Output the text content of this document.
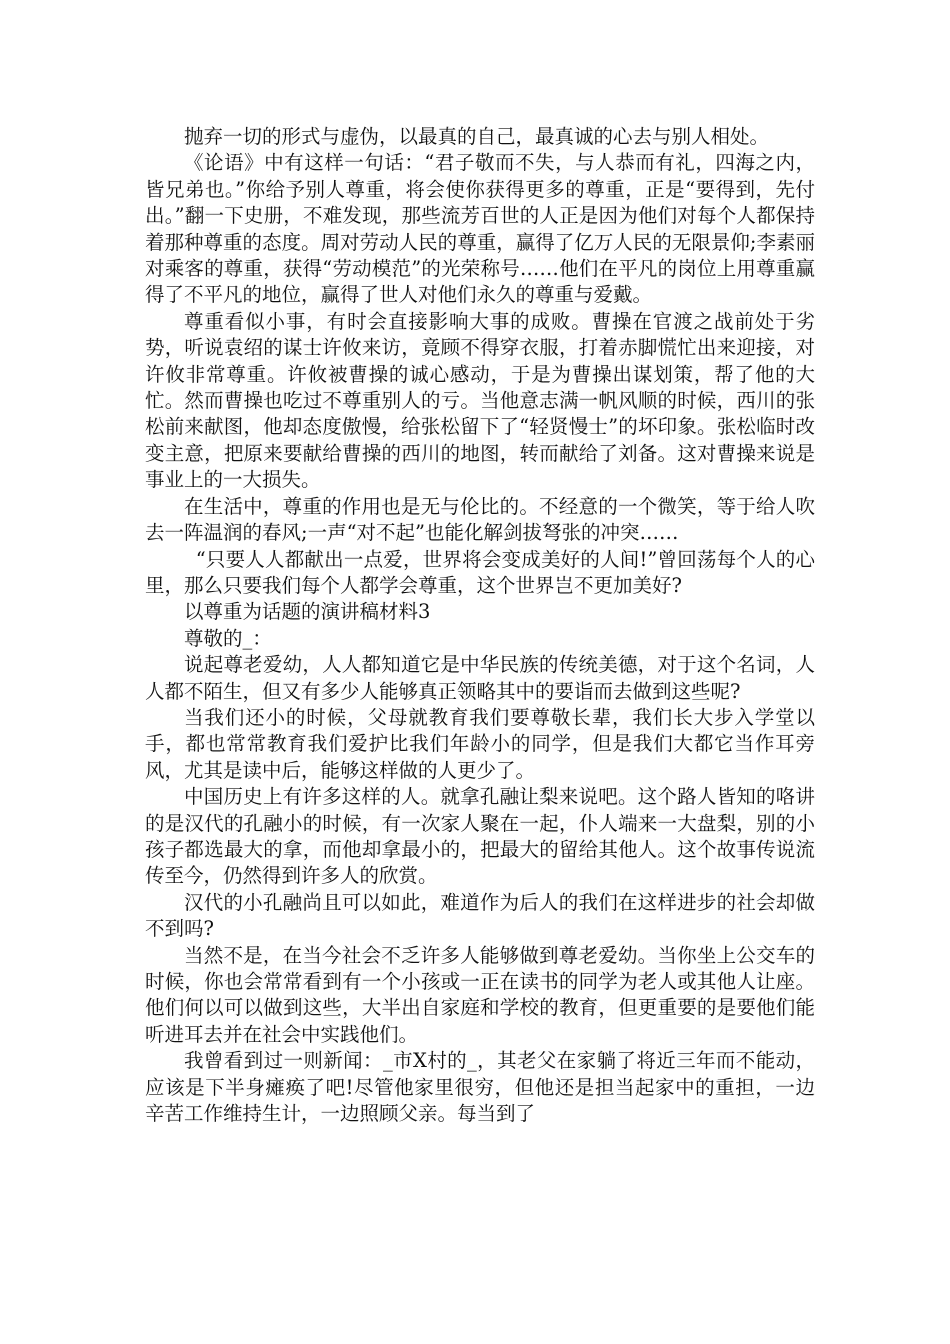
抛弃一切的形式与虚伪，以最真的自己，最真诚的心去与别人相处。

《论语》中有这样一句话：“君子敬而不失，与人恭而有礼，四海之内，皆兄弟也。”你给予别人尊重，将会使你获得更多的尊重，正是“要得到，先付出。”翻一下史册，不难发现，那些流芳百世的人正是因为他们对每个人都保持着那种尊重的态度。周对劳动人民的尊重，赢得了亿万人民的无限景仰;李素丽对乘客的尊重，获得“劳动模范”的光荣称号……他们在平凡的岗位上用尊重赢得了不平凡的地位，赢得了世人对他们永久的尊重与爱戴。

尊重看似小事，有时会直接影响大事的成败。曹操在官渡之战前处于劣势，听说袁绍的谋士许攸来访，竟顾不得穿衣服，打着赤脚慌忙出来迎接，对许攸非常尊重。许攸被曹操的诚心感动，于是为曹操出谋划策，帮了他的大忙。然而曹操也吃过不尊重别人的亏。当他意志满一帆风顺的时候，西川的张松前来献图，他却态度傲慢，给张松留下了“轻贤慢士”的坏印象。张松临时改变主意，把原来要献给曹操的西川的地图，转而献给了刘备。这对曹操来说是事业上的一大损失。

在生活中，尊重的作用也是无与伦比的。不经意的一个微笑，等于给人吹去一阵温润的春风;一声“对不起”也能化解剑拔弩张的冲突……

“只要人人都献出一点爱，世界将会变成美好的人间!”曾回荡每个人的心里，那么只要我们每个人都学会尊重，这个世界岂不更加美好?

以尊重为话题的演讲稿材料3

尊敬的_：

说起尊老爱幼，人人都知道它是中华民族的传统美德，对于这个名词，人人都不陌生，但又有多少人能够真正领略其中的要诣而去做到这些呢?

当我们还小的时候，父母就教育我们要尊敬长辈，我们长大步入学堂以手，都也常常教育我们爱护比我们年龄小的同学，但是我们大都它当作耳旁风，尤其是读中后，能够这样做的人更少了。

中国历史上有许多这样的人。就拿孔融让梨来说吧。这个路人皆知的咯讲的是汉代的孔融小的时候，有一次家人聚在一起，仆人端来一大盘梨，别的小孩子都选最大的拿，而他却拿最小的，把最大的留给其他人。这个故事传说流传至今，仍然得到许多人的欣赏。

汉代的小孔融尚且可以如此，难道作为后人的我们在这样进步的社会却做不到吗?

当然不是，在当今社会不乏许多人能够做到尊老爱幼。当你坐上公交车的时候，你也会常常看到有一个小孩或一正在读书的同学为老人或其他人让座。他们何以可以做到这些，大半出自家庭和学校的教育，但更重要的是要他们能听进耳去并在社会中实践他们。

我曾看到过一则新闻：_市X村的_，其老父在家躺了将近三年而不能动，应该是下半身瘫痪了吧!尽管他家里很穷，但他还是担当起家中的重担，一边辛苦工作维持生计，一边照顾父亲。每当到了
